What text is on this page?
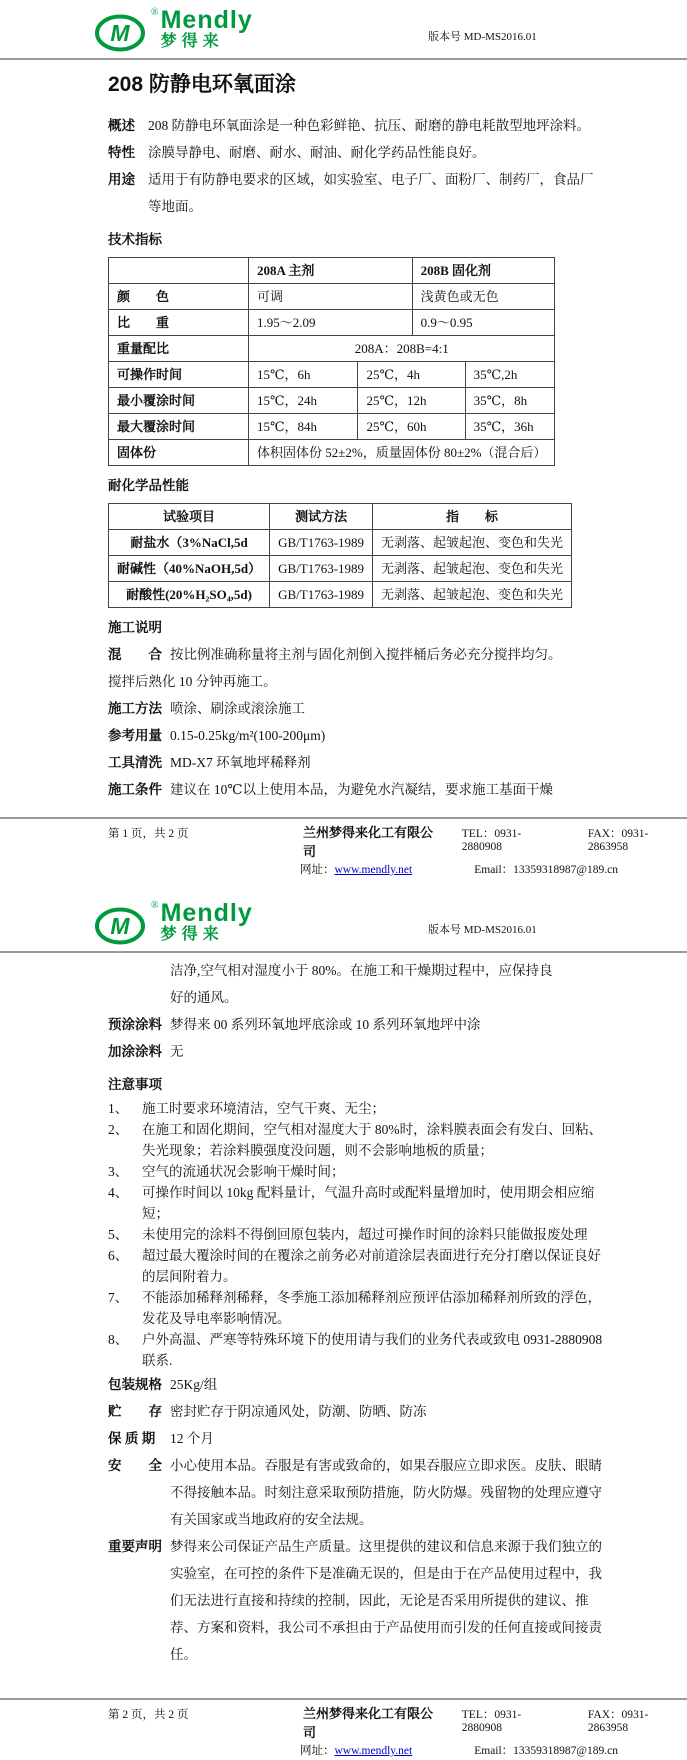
M
® Mendly
梦得来	版本号 MD-MS2016.01
208 防静电环氧面涂
概述 208 防静电环氧面涂是一种色彩鲜艳、抗压、耐磨的静电耗散型地坪涂料。
特性 涂膜导静电、耐磨、耐水、耐油、耐化学药品性能良好。
用途 适用于有防静电要求的区域，如实验室、电子厂、面粉厂、制药厂，食品厂等地面。
技术指标
	208A 主剂		208B 固化剂	
颜　　色	可调		浅黄色或无色	
比　　重	1.95～2.09		0.9～0.95	
重量配比	208A：208B=4:1			
可操作时间	15℃，6h	25℃，4h		35℃,2h
最小覆涂时间	15℃，24h	25℃，12h		35℃，8h
最大覆涂时间	15℃，84h	25℃，60h		35℃，36h
固体份	体积固体份 52±2%，质量固体份 80±2%（混合后）			
耐化学品性能
试验项目	测试方法	指　　标
耐盐水（3%NaCl,5d	GB/T1763-1989	无剥落、起皱起泡、变色和失光
耐碱性（40%NaOH,5d）	GB/T1763-1989	无剥落、起皱起泡、变色和失光
耐酸性(20%H₂SO₄,5d)	GB/T1763-1989	无剥落、起皱起泡、变色和失光
施工说明
混　　合 按比例准确称量将主剂与固化剂倒入搅拌桶后务必充分搅拌均匀。
搅拌后熟化 10 分钟再施工。
施工方法 喷涂、刷涂或滚涂施工
参考用量 0.15-0.25kg/m²(100-200μm)
工具清洗 MD-X7 环氧地坪稀释剂
施工条件 建议在 10℃以上使用本品，为避免水汽凝结，要求施工基面干燥
第 1 页，共 2 页	兰州梦得来化工有限公司
TEL：0931-2880908
FAX：0931-2863958
网址：www.mendly.net	Email：13359318987@189.cn
M
® Mendly
梦得来	版本号 MD-MS2016.01
洁净,空气相对湿度小于 80%。在施工和干燥期过程中，应保持良
好的通风。
预涂涂料 梦得来 00 系列环氧地坪底涂或 10 系列环氧地坪中涂
加涂涂料 无
注意事项
1、	施工时要求环境清洁，空气干爽、无尘；
2、	在施工和固化期间，空气相对湿度大于 80%时，涂料膜表面会有发白、回粘、失光现象；若涂料膜强度没问题，则不会影响地板的质量；
3、	空气的流通状况会影响干燥时间；
4、	可操作时间以 10kg 配料量计，气温升高时或配料量增加时，使用期会相应缩短；
5、	未使用完的涂料不得倒回原包装内，超过可操作时间的涂料只能做报废处理
6、	超过最大覆涂时间的在覆涂之前务必对前道涂层表面进行充分打磨以保证良好的层间附着力。
7、	不能添加稀释剂稀释，冬季施工添加稀释剂应预评估添加稀释剂所致的浮色，发花及导电率影响情况。
8、	户外高温、严寒等特殊环境下的使用请与我们的业务代表或致电 0931-2880908 联系.
包装规格 25Kg/组
贮　　存 密封贮存于阴凉通风处，防潮、防晒、防冻
保 质 期	12 个月
安　　全 小心使用本品。吞服是有害或致命的，如果吞服应立即求医。皮肤、眼睛不得接触本品。时刻注意采取预防措施，防火防爆。残留物的处理应遵守有关国家或当地政府的安全法规。
重要声明 梦得来公司保证产品生产质量。这里提供的建议和信息来源于我们独立的实验室，在可控的条件下是准确无误的，但是由于在产品使用过程中，我们无法进行直接和持续的控制，因此，无论是否采用所提供的建议、推荐、方案和资料，我公司不承担由于产品使用而引发的任何直接或间接责任。
第 2 页，共 2 页	兰州梦得来化工有限公司
TEL：0931-2880908
FAX：0931-2863958
网址：www.mendly.net	Email：13359318987@189.cn
